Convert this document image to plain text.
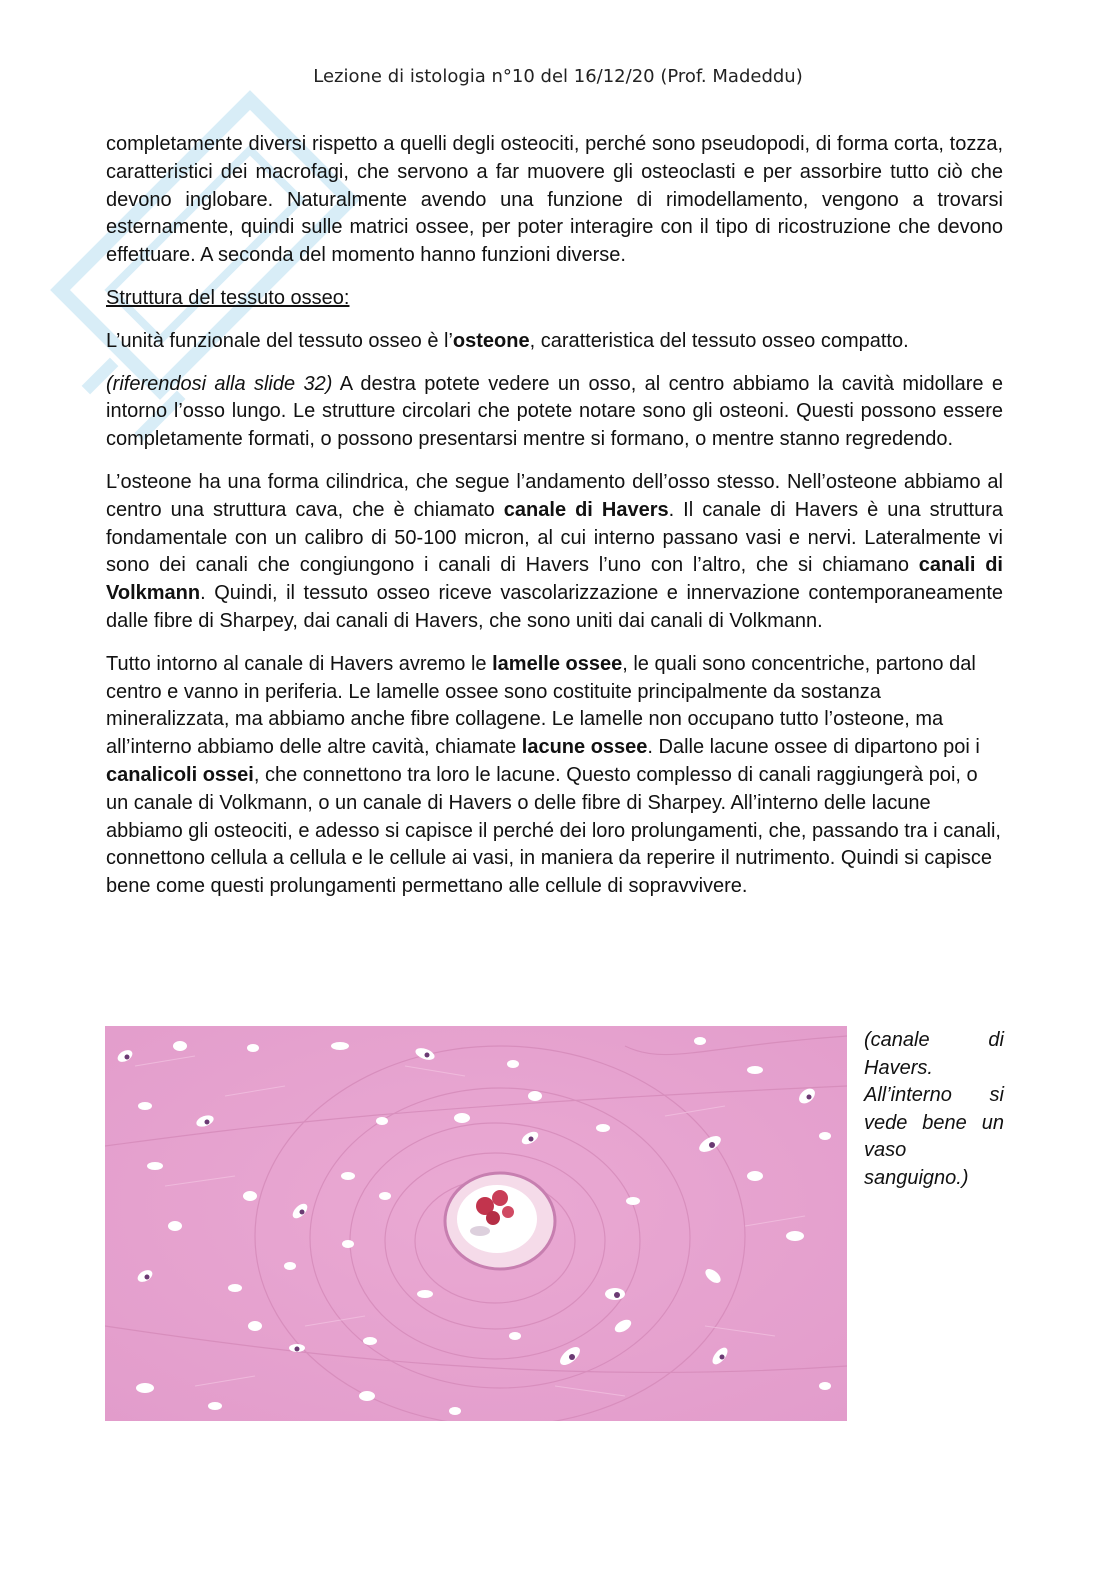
Lezione di istologia n°10 del 16/12/20 (Prof. Madeddu)

completamente diversi rispetto a quelli degli osteociti, perché sono pseudopodi, di forma corta, tozza, caratteristici dei macrofagi, che servono a far muovere gli osteoclasti e per assorbire tutto ciò che devono inglobare. Naturalmente avendo una funzione di rimodellamento, vengono a trovarsi esternamente, quindi sulle matrici ossee, per poter interagire con il tipo di ricostruzione che devono effettuare. A seconda del momento hanno funzioni diverse.

Struttura del tessuto osseo:

L’unità funzionale del tessuto osseo è l’osteone, caratteristica del tessuto osseo compatto.

(riferendosi alla slide 32) A destra potete vedere un osso, al centro abbiamo la cavità midollare e intorno l’osso lungo. Le strutture circolari che potete notare sono gli osteoni. Questi possono essere completamente formati, o possono presentarsi mentre si formano, o mentre stanno regredendo.

L’osteone ha una forma cilindrica, che segue l’andamento dell’osso stesso. Nell’osteone abbiamo al centro una struttura cava, che è chiamato canale di Havers. Il canale di Havers è una struttura fondamentale con un calibro di 50-100 micron, al cui interno passano vasi e nervi. Lateralmente vi sono dei canali che congiungono i canali di Havers l’uno con l’altro, che si chiamano canali di Volkmann. Quindi, il tessuto osseo riceve vascolarizzazione e innervazione contemporaneamente dalle fibre di Sharpey, dai canali di Havers, che sono uniti dai canali di Volkmann.

Tutto intorno al canale di Havers avremo le lamelle ossee, le quali sono concentriche, partono dal centro e vanno in periferia. Le lamelle ossee sono costituite principalmente da sostanza mineralizzata, ma abbiamo anche fibre collagene. Le lamelle non occupano tutto l’osteone, ma all’interno abbiamo delle altre cavità, chiamate lacune ossee. Dalle lacune ossee di dipartono poi i canalicoli ossei, che connettono tra loro le lacune. Questo complesso di canali raggiungerà poi, o un canale di Volkmann, o un canale di Havers o delle fibre di Sharpey. All’interno delle lacune abbiamo gli osteociti, e adesso si capisce il perché dei loro prolungamenti, che, passando tra i canali, connettono cellula a cellula e le cellule ai vasi, in maniera da reperire il nutrimento. Quindi si capisce bene come questi prolungamenti permettano alle cellule di sopravvivere.

(canale di Havers. All’interno si vede bene un vaso sanguigno.)
